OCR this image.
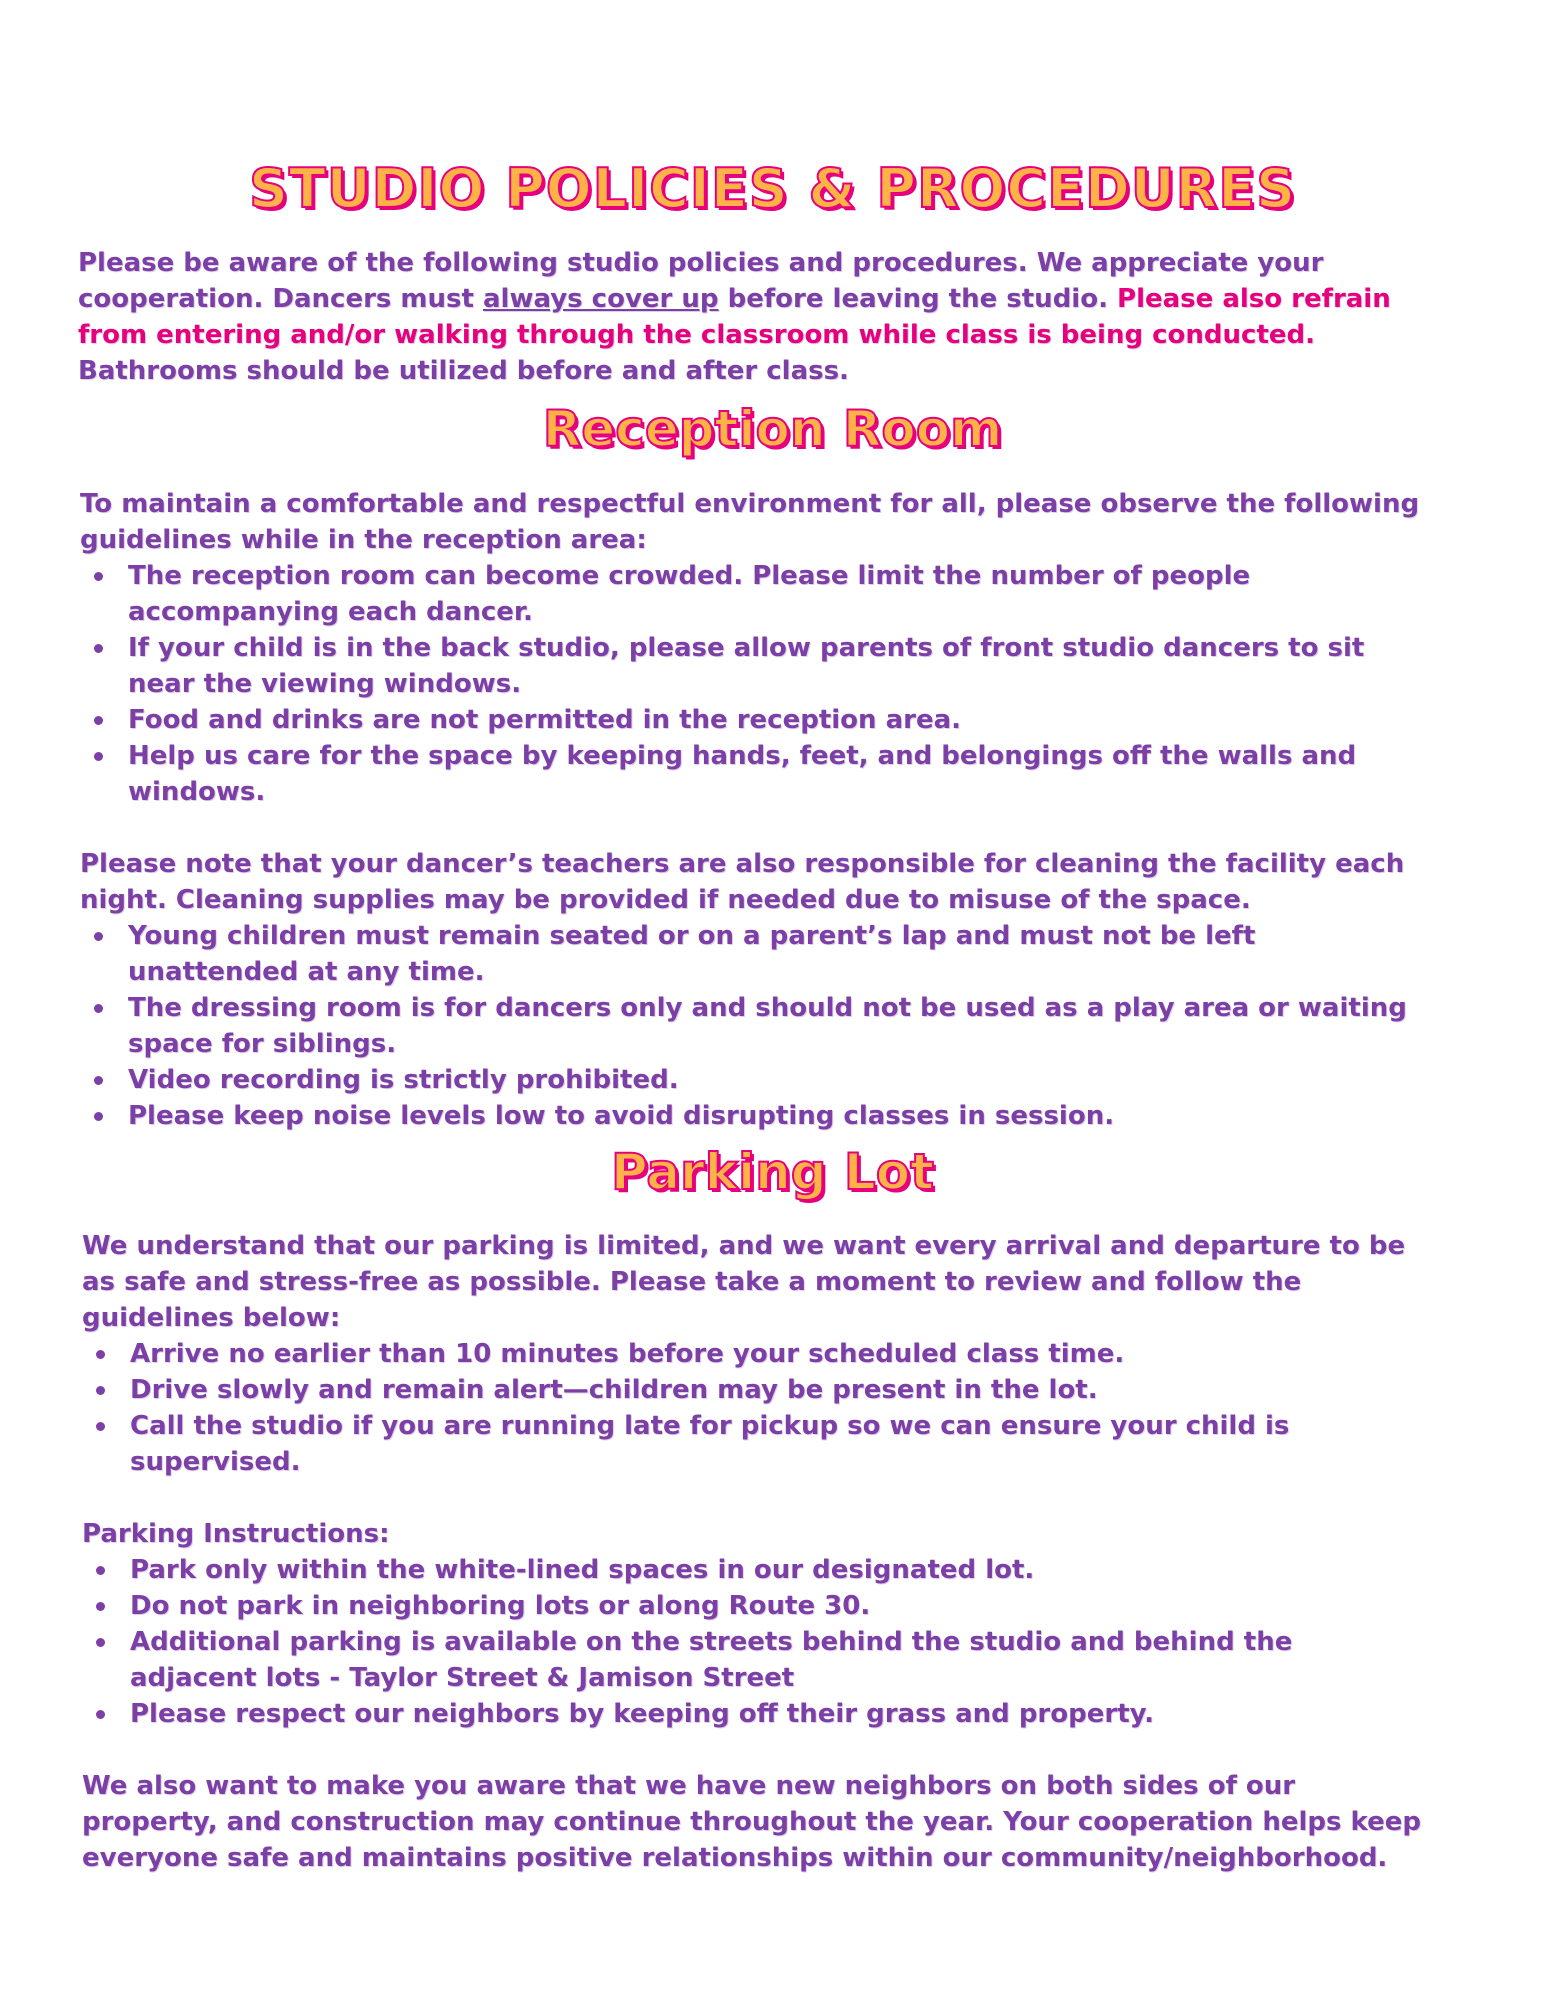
STUDIO POLICIES & PROCEDURES

Please be aware of the following studio policies and procedures. We appreciate your cooperation. Dancers must always cover up before leaving the studio. Please also refrain from entering and/or walking through the classroom while class is being conducted. Bathrooms should be utilized before and after class.

Reception Room

To maintain a comfortable and respectful environment for all, please observe the following guidelines while in the reception area:

The reception room can become crowded. Please limit the number of people accompanying each dancer.
If your child is in the back studio, please allow parents of front studio dancers to sit near the viewing windows.
Food and drinks are not permitted in the reception area.
Help us care for the space by keeping hands, feet, and belongings off the walls and windows.

Please note that your dancer’s teachers are also responsible for cleaning the facility each night. Cleaning supplies may be provided if needed due to misuse of the space.

Young children must remain seated or on a parent’s lap and must not be left unattended at any time.
The dressing room is for dancers only and should not be used as a play area or waiting space for siblings.
Video recording is strictly prohibited.
Please keep noise levels low to avoid disrupting classes in session.
Parking Lot

We understand that our parking is limited, and we want every arrival and departure to be as safe and stress-free as possible. Please take a moment to review and follow the guidelines below:

Arrive no earlier than 10 minutes before your scheduled class time.
Drive slowly and remain alert—children may be present in the lot.
Call the studio if you are running late for pickup so we can ensure your child is supervised.

Parking Instructions:

Park only within the white-lined spaces in our designated lot.
Do not park in neighboring lots or along Route 30.
Additional parking is available on the streets behind the studio and behind the adjacent lots - Taylor Street & Jamison Street
Please respect our neighbors by keeping off their grass and property.

We also want to make you aware that we have new neighbors on both sides of our property, and construction may continue throughout the year. Your cooperation helps keep everyone safe and maintains positive relationships within our community/neighborhood.
